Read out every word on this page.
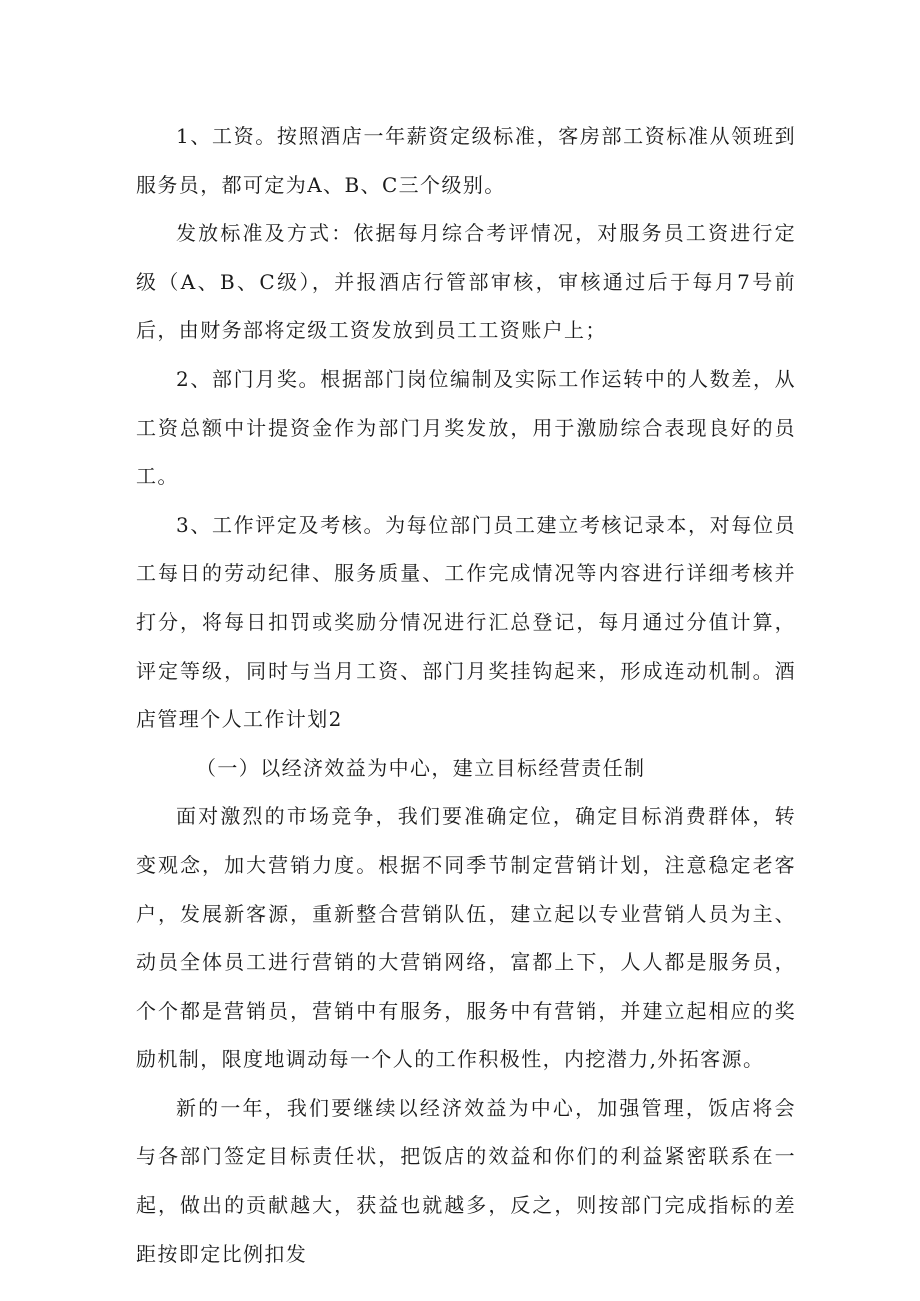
1、工资。按照酒店一年薪资定级标准，客房部工资标准从领班到服务员，都可定为A、B、C三个级别。

发放标准及方式：依据每月综合考评情况，对服务员工资进行定级（A、B、C级），并报酒店行管部审核，审核通过后于每月7号前后，由财务部将定级工资发放到员工工资账户上；

2、部门月奖。根据部门岗位编制及实际工作运转中的人数差，从工资总额中计提资金作为部门月奖发放，用于激励综合表现良好的员工。

3、工作评定及考核。为每位部门员工建立考核记录本，对每位员工每日的劳动纪律、服务质量、工作完成情况等内容进行详细考核并打分，将每日扣罚或奖励分情况进行汇总登记，每月通过分值计算，评定等级，同时与当月工资、部门月奖挂钩起来，形成连动机制。酒店管理个人工作计划2

（一）以经济效益为中心，建立目标经营责任制

面对激烈的市场竞争，我们要准确定位，确定目标消费群体，转变观念，加大营销力度。根据不同季节制定营销计划，注意稳定老客户，发展新客源，重新整合营销队伍，建立起以专业营销人员为主、动员全体员工进行营销的大营销网络，富都上下，人人都是服务员，个个都是营销员，营销中有服务，服务中有营销，并建立起相应的奖励机制，限度地调动每一个人的工作积极性，内挖潜力,外拓客源。

新的一年，我们要继续以经济效益为中心，加强管理，饭店将会与各部门签定目标责任状，把饭店的效益和你们的利益紧密联系在一起，做出的贡献越大，获益也就越多，反之，则按部门完成指标的差距按即定比例扣发
